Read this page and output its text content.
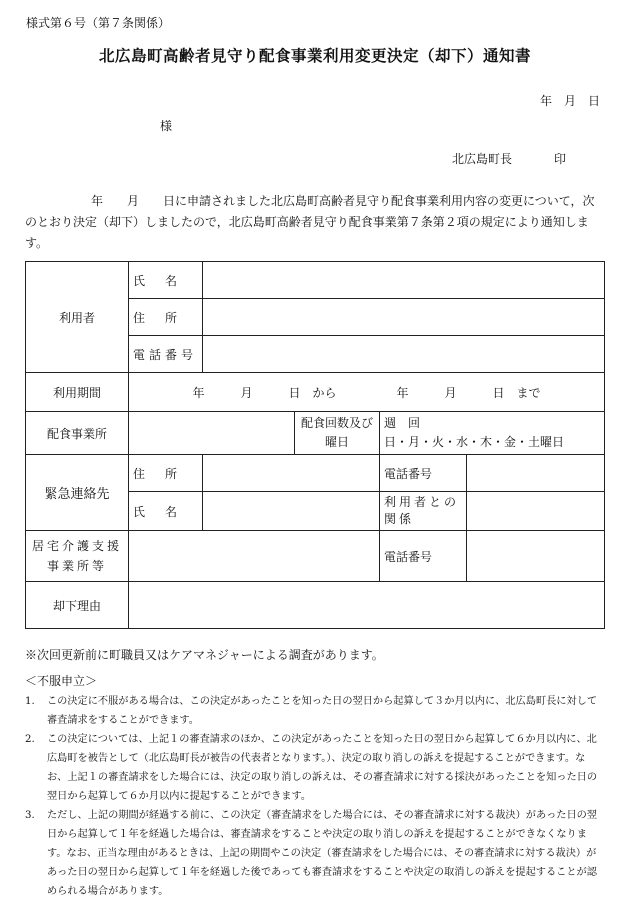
様式第６号（第７条関係）
北広島町高齢者見守り配食事業利用変更決定（却下）通知書
年　月　日
様
北広島町長	印
年　　月　　日に申請されました北広島町高齢者見守り配食事業利用内容の変更について，次のとおり決定（却下）しましたので，北広島町高齢者見守り配食事業第７条第２項の規定により通知します。
利用者	氏　名				
	住　所				
	電話番号				
利用期間	年　　　月　　　日　から　　　　　年　　　月　　　日　まで				
配食事業所			配食回数及び曜日	週　回
日・月・火・水・木・金・土曜日	

緊急連絡先	住　所			電話番号	
	氏　名			利用者との関係	
居宅介護支援事業所等				電話番号	
却下理由					
※次回更新前に町職員又はケアマネジャーによる調査があります。
＜不服申立＞
1.	この決定に不服がある場合は、この決定があったことを知った日の翌日から起算して３か月以内に、北広島町長に対して審査請求をすることができます。
2.	この決定については、上記１の審査請求のほか、この決定があったことを知った日の翌日から起算して６か月以内に、北広島町を被告として（北広島町長が被告の代表者となります。）、決定の取り消しの訴えを提起することができます。なお、上記１の審査請求をした場合には、決定の取り消しの訴えは、その審査請求に対する採決があったことを知った日の翌日から起算して６か月以内に提起することができます。
3.	ただし、上記の期間が経過する前に、この決定（審査請求をした場合には、その審査請求に対する裁決）があった日の翌日から起算して１年を経過した場合は、審査請求をすることや決定の取り消しの訴えを提起することができなくなります。なお、正当な理由があるときは、上記の期間やこの決定（審査請求をした場合には、その審査請求に対する裁決）があった日の翌日から起算して１年を経過した後であっても審査請求をすることや決定の取消しの訴えを提起することが認められる場合があります。
